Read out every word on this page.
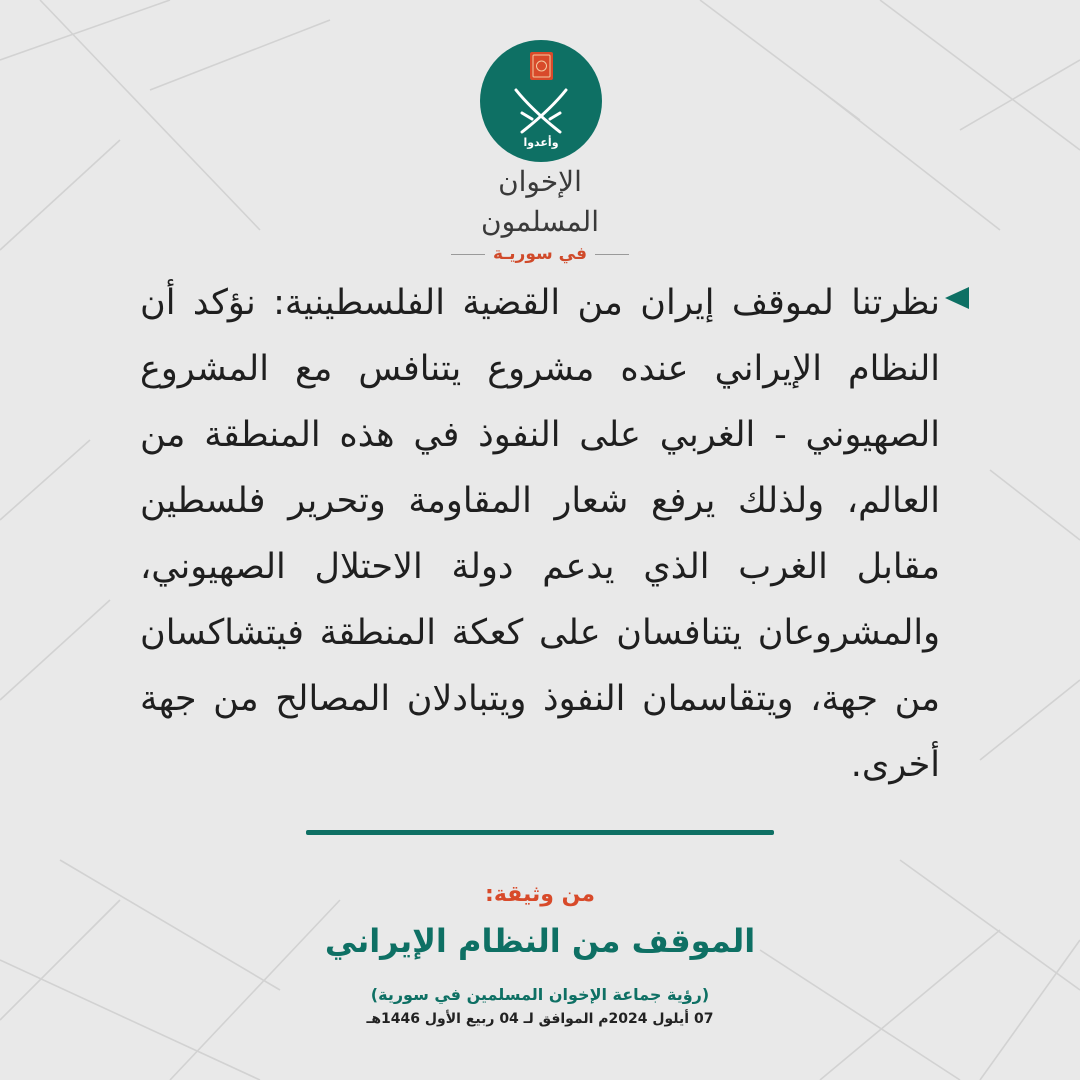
وأعدوا
الإخوان المسلمون
في سوريـة
نظرتنا لموقف إيران من القضية الفلسطينية: نؤكد أن النظام الإيراني عنده مشروع يتنافس مع المشروع الصهيوني - الغربي على النفوذ في هذه المنطقة من العالم، ولذلك يرفع شعار المقاومة وتحرير فلسطين مقابل الغرب الذي يدعم دولة الاحتلال الصهيوني، والمشروعان يتنافسان على كعكة المنطقة فيتشاكسان من جهة، ويتقاسمان النفوذ ويتبادلان المصالح من جهة أخرى.
من وثيقة:
الموقف من النظام الإيراني
(رؤية جماعة الإخوان المسلمين في سورية)
07 أيلول 2024م الموافق لـ 04 ربيع الأول 1446هـ
